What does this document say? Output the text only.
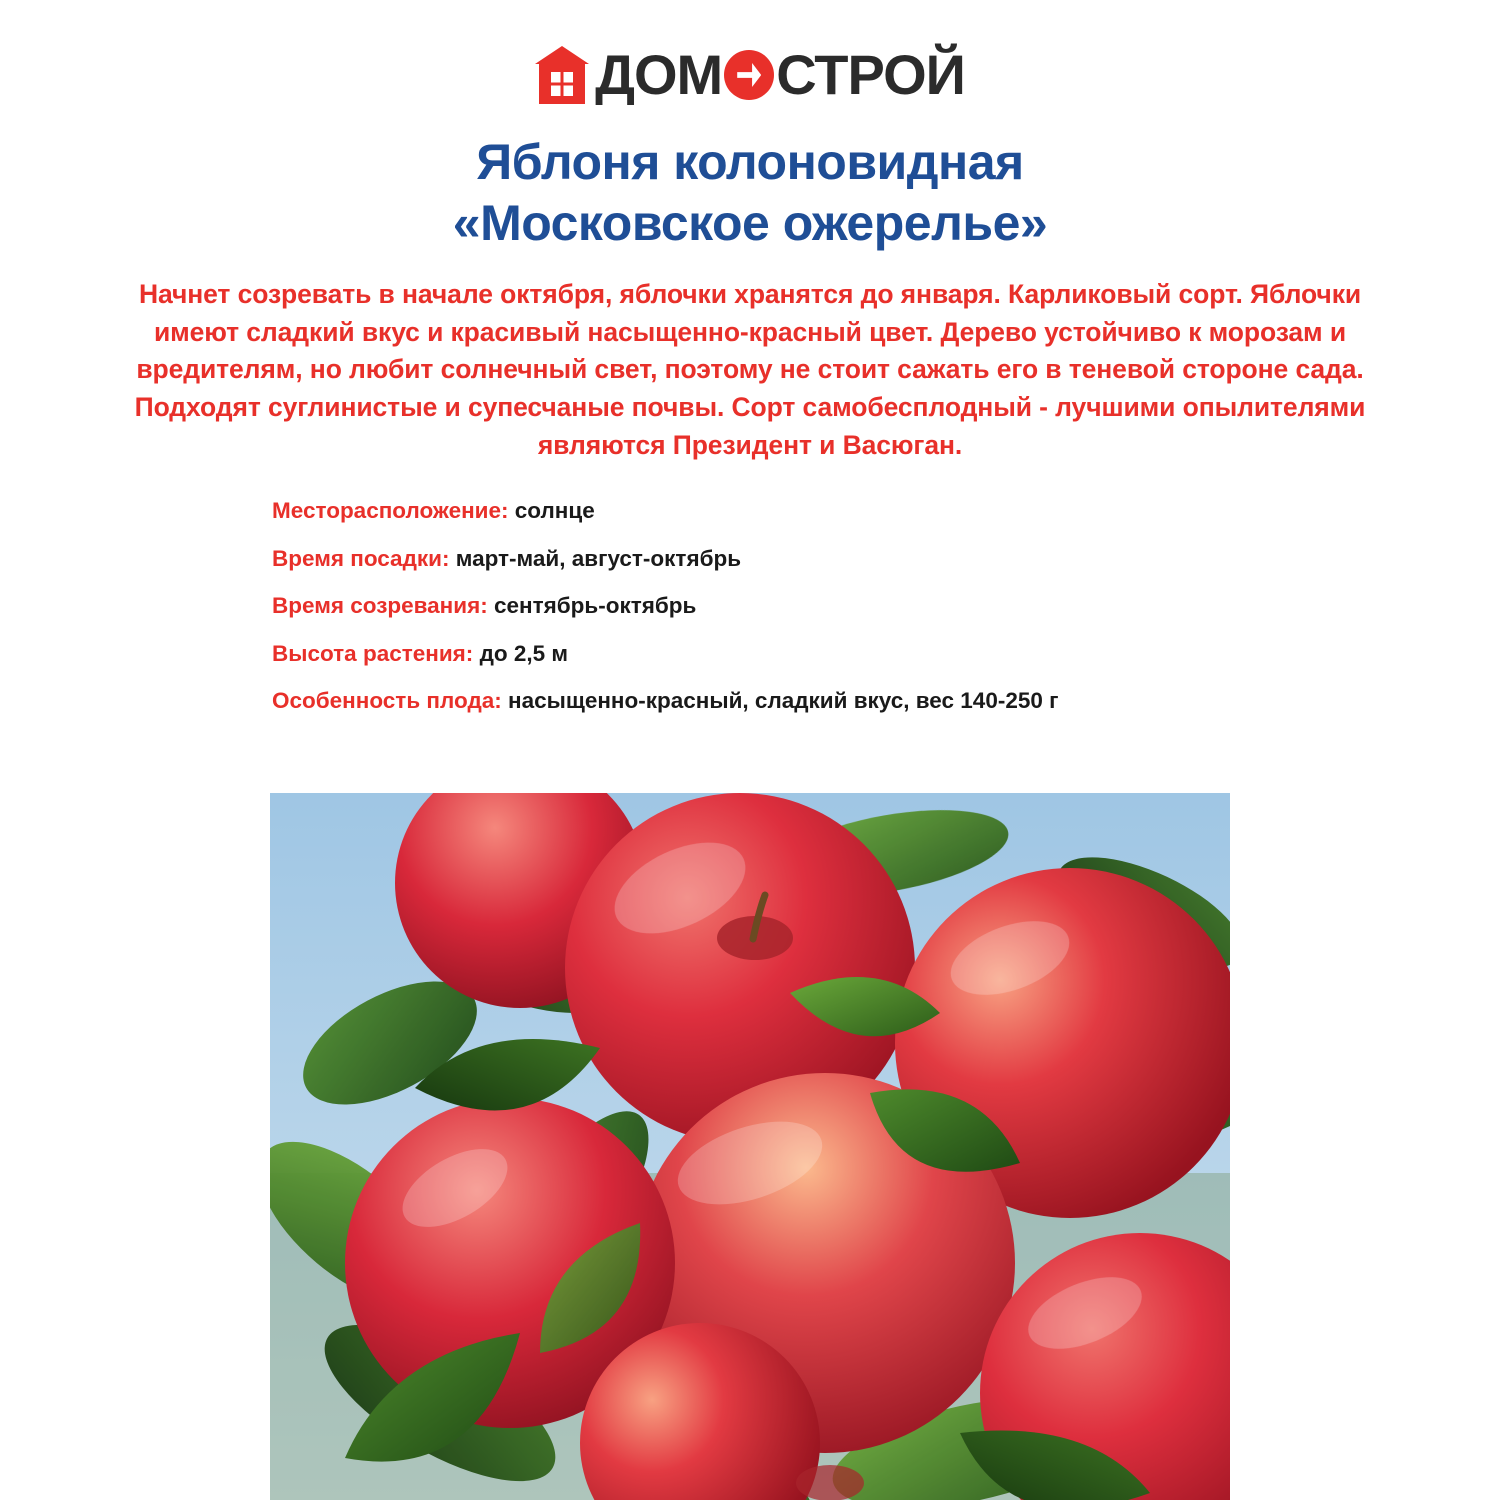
ДОМ СТРОЙ
Яблоня колоновидная
«Московское ожерелье»
Начнет созревать в начале октября, яблочки хранятся до января. Карликовый сорт. Яблочки имеют сладкий вкус и красивый насыщенно-красный цвет. Дерево устойчиво к морозам и вредителям, но любит солнечный свет, поэтому не стоит сажать его в теневой стороне сада. Подходят суглинистые и супесчаные почвы. Сорт самобесплодный - лучшими опылителями являются Президент и Васюган.
Месторасположение: солнце
Время посадки: март-май, август-октябрь
Время созревания: сентябрь-октябрь
Высота растения: до 2,5 м
Особенность плода: насыщенно-красный, сладкий вкус, вес 140-250 г
